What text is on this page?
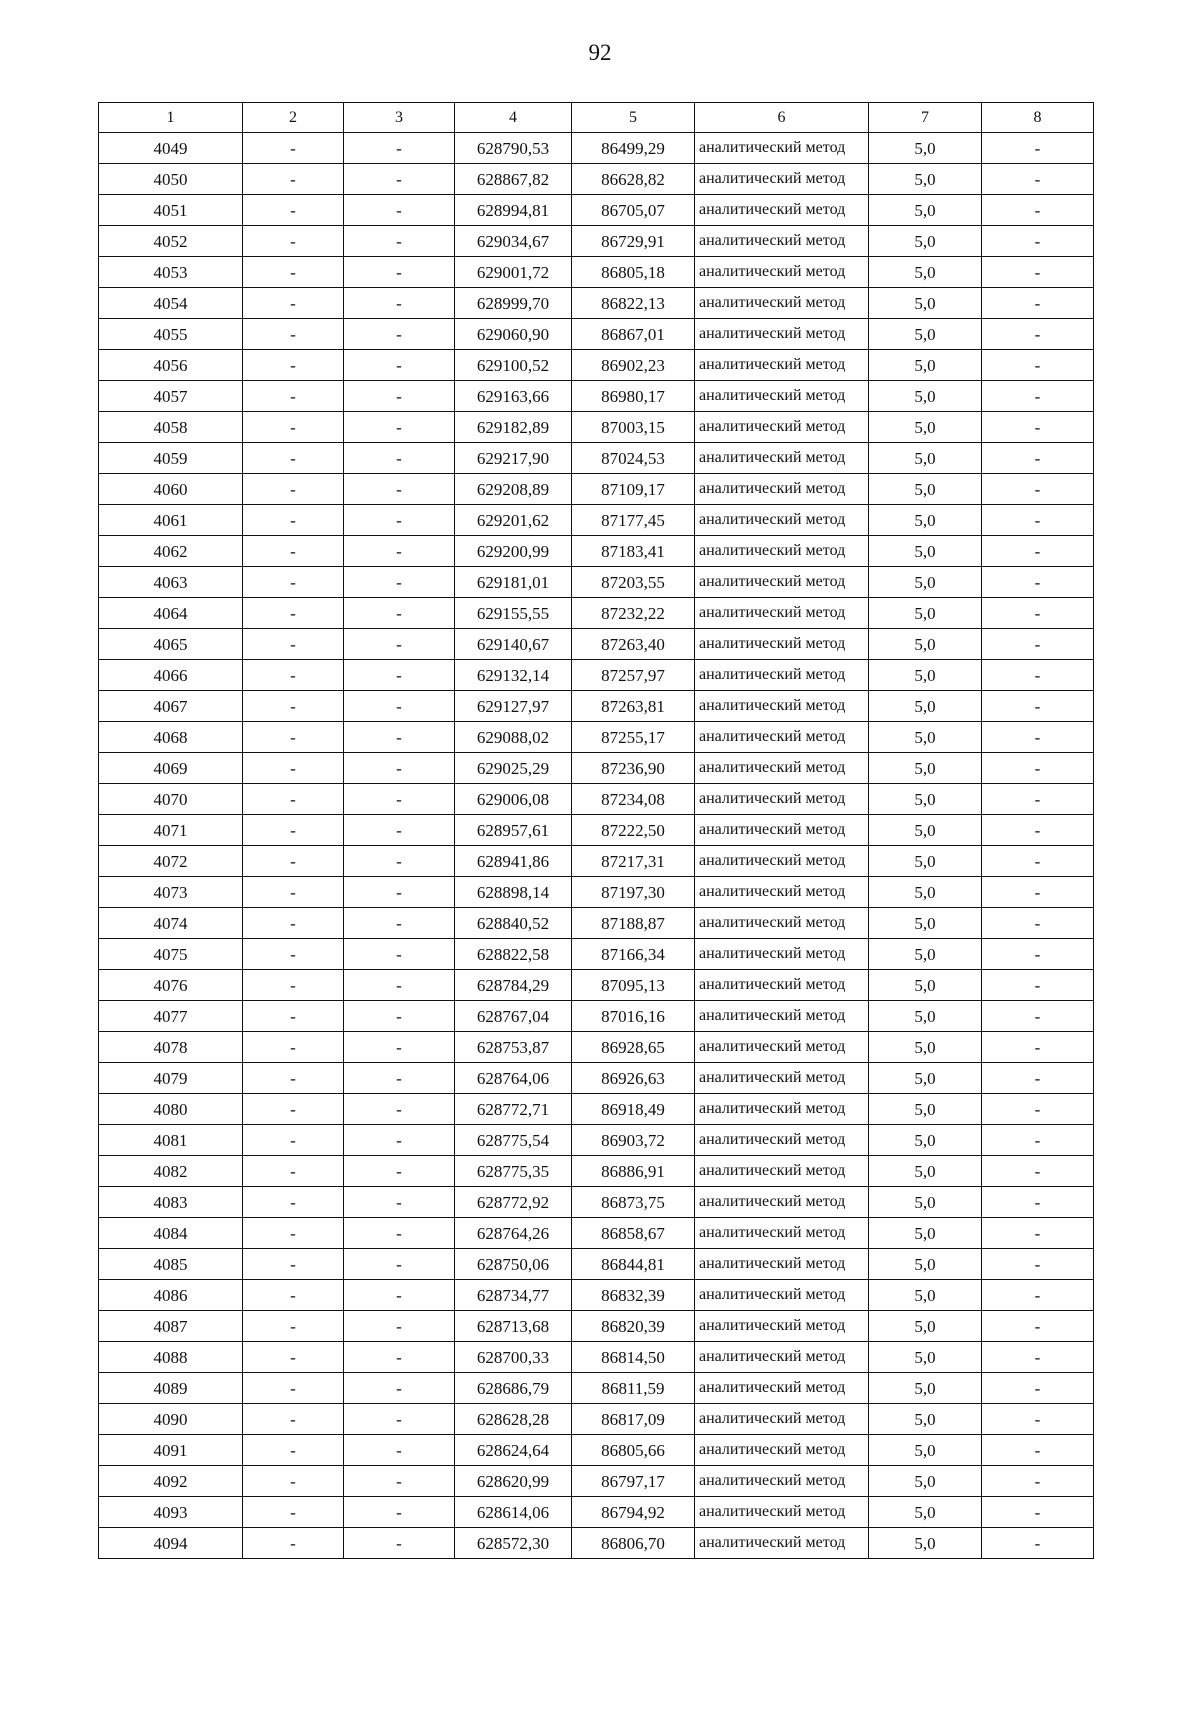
92
1	2	3	4	5	6	7	8
4049	-	-	628790,53	86499,29	аналитический метод	5,0	-
4050	-	-	628867,82	86628,82	аналитический метод	5,0	-
4051	-	-	628994,81	86705,07	аналитический метод	5,0	-
4052	-	-	629034,67	86729,91	аналитический метод	5,0	-
4053	-	-	629001,72	86805,18	аналитический метод	5,0	-
4054	-	-	628999,70	86822,13	аналитический метод	5,0	-
4055	-	-	629060,90	86867,01	аналитический метод	5,0	-
4056	-	-	629100,52	86902,23	аналитический метод	5,0	-
4057	-	-	629163,66	86980,17	аналитический метод	5,0	-
4058	-	-	629182,89	87003,15	аналитический метод	5,0	-
4059	-	-	629217,90	87024,53	аналитический метод	5,0	-
4060	-	-	629208,89	87109,17	аналитический метод	5,0	-
4061	-	-	629201,62	87177,45	аналитический метод	5,0	-
4062	-	-	629200,99	87183,41	аналитический метод	5,0	-
4063	-	-	629181,01	87203,55	аналитический метод	5,0	-
4064	-	-	629155,55	87232,22	аналитический метод	5,0	-
4065	-	-	629140,67	87263,40	аналитический метод	5,0	-
4066	-	-	629132,14	87257,97	аналитический метод	5,0	-
4067	-	-	629127,97	87263,81	аналитический метод	5,0	-
4068	-	-	629088,02	87255,17	аналитический метод	5,0	-
4069	-	-	629025,29	87236,90	аналитический метод	5,0	-
4070	-	-	629006,08	87234,08	аналитический метод	5,0	-
4071	-	-	628957,61	87222,50	аналитический метод	5,0	-
4072	-	-	628941,86	87217,31	аналитический метод	5,0	-
4073	-	-	628898,14	87197,30	аналитический метод	5,0	-
4074	-	-	628840,52	87188,87	аналитический метод	5,0	-
4075	-	-	628822,58	87166,34	аналитический метод	5,0	-
4076	-	-	628784,29	87095,13	аналитический метод	5,0	-
4077	-	-	628767,04	87016,16	аналитический метод	5,0	-
4078	-	-	628753,87	86928,65	аналитический метод	5,0	-
4079	-	-	628764,06	86926,63	аналитический метод	5,0	-
4080	-	-	628772,71	86918,49	аналитический метод	5,0	-
4081	-	-	628775,54	86903,72	аналитический метод	5,0	-
4082	-	-	628775,35	86886,91	аналитический метод	5,0	-
4083	-	-	628772,92	86873,75	аналитический метод	5,0	-
4084	-	-	628764,26	86858,67	аналитический метод	5,0	-
4085	-	-	628750,06	86844,81	аналитический метод	5,0	-
4086	-	-	628734,77	86832,39	аналитический метод	5,0	-
4087	-	-	628713,68	86820,39	аналитический метод	5,0	-
4088	-	-	628700,33	86814,50	аналитический метод	5,0	-
4089	-	-	628686,79	86811,59	аналитический метод	5,0	-
4090	-	-	628628,28	86817,09	аналитический метод	5,0	-
4091	-	-	628624,64	86805,66	аналитический метод	5,0	-
4092	-	-	628620,99	86797,17	аналитический метод	5,0	-
4093	-	-	628614,06	86794,92	аналитический метод	5,0	-
4094	-	-	628572,30	86806,70	аналитический метод	5,0	-
